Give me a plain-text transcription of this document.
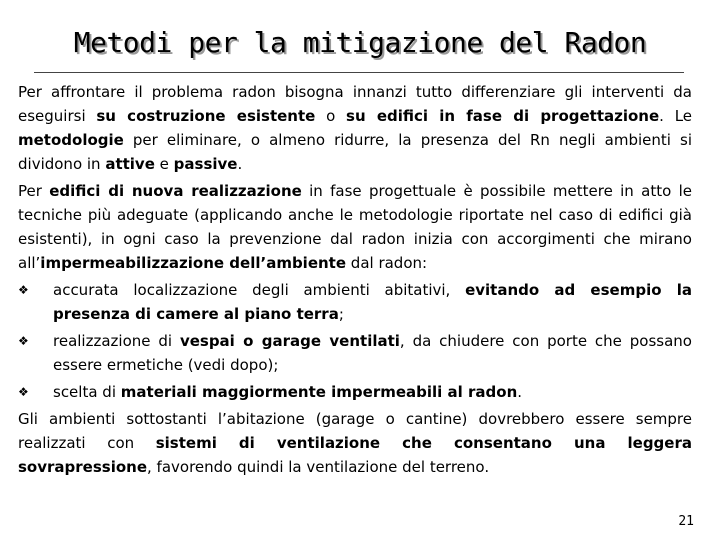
Metodi per la mitigazione del Radon

Per affrontare il problema radon bisogna innanzi tutto differenziare gli interventi da eseguirsi su costruzione esistente o su edifici in fase di progettazione. Le metodologie per eliminare, o almeno ridurre, la presenza del Rn negli ambienti si dividono in attive e passive.

Per edifici di nuova realizzazione in fase progettuale è possibile mettere in atto le tecniche più adeguate (applicando anche le metodologie riportate nel caso di edifici già esistenti), in ogni caso la prevenzione dal radon inizia con accorgimenti che mirano all’impermeabilizzazione dell’ambiente dal radon:

❖	accurata localizzazione degli ambienti abitativi, evitando ad esempio la presenza di camere al piano terra;
❖	realizzazione di vespai o garage ventilati, da chiudere con porte che possano essere ermetiche (vedi dopo);
❖	scelta di materiali maggiormente impermeabili al radon.

Gli ambienti sottostanti l’abitazione (garage o cantine) dovrebbero essere sempre realizzati con sistemi di ventilazione che consentano una leggera sovrapressione, favorendo quindi la ventilazione del terreno.

21
